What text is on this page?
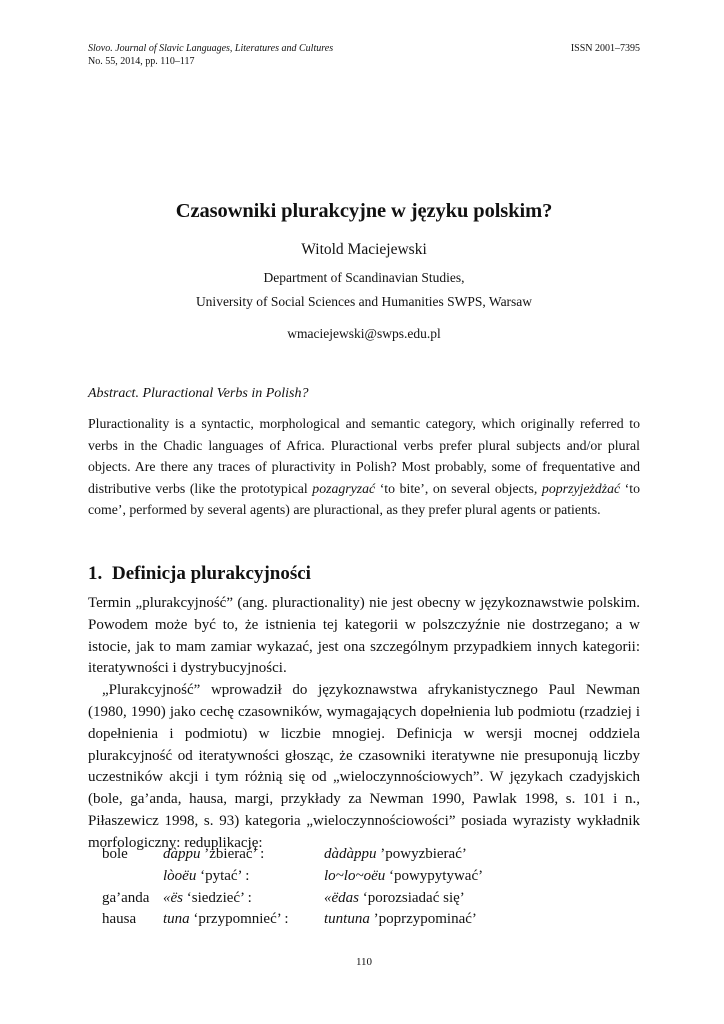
Slovo. Journal of Slavic Languages, Literatures and Cultures
No. 55, 2014, pp. 110–117
ISSN 2001–7395
Czasowniki plurakcyjne w języku polskim?
Witold Maciejewski
Department of Scandinavian Studies,
University of Social Sciences and Humanities SWPS, Warsaw
wmaciejewski@swps.edu.pl
Abstract. Pluractional Verbs in Polish?
Pluractionality is a syntactic, morphological and semantic category, which originally referred to verbs in the Chadic languages of Africa. Pluractional verbs prefer plural subjects and/or plural objects. Are there any traces of pluractivity in Polish? Most probably, some of frequentative and distributive verbs (like the prototypical pozagryzać ‘to bite’, on several objects, poprzyjeżdżać ‘to come’, performed by several agents) are pluractional, as they prefer plural agents or patients.
1. Definicja plurakcyjności

Termin „plurakcyjność” (ang. pluractionality) nie jest obecny w językoznawstwie polskim. Powodem może być to, że istnienia tej kategorii w polszczyźnie nie dostrzegano; a w istocie, jak to mam zamiar wykazać, jest ona szczególnym przypadkiem innych kategorii: iteratywności i dystrybucyjności.

„Plurakcyjność” wprowadził do językoznawstwa afrykanistycznego Paul Newman (1980, 1990) jako cechę czasowników, wymagających dopełnienia lub podmiotu (rzadziej i dopełnienia i podmiotu) w liczbie mnogiej. Definicja w wersji mocnej oddziela plurakcyjność od iteratywności głosząc, że czasowniki iteratywne nie presuponują liczby uczestników akcji i tym różnią się od „wieloczynnościowych”. W językach czadyjskich (bole, ga’anda, hausa, margi, przykłady za Newman 1990, Pawlak 1998, s. 101 i n., Piłaszewicz 1998, s. 93) kategoria „wieloczynnościowości” posiada wyrazisty wykładnik morfologiczny: reduplikację:

bole dàppu ’zbierać’ :	dàdàppu ’powyzbierać’
lòoëu ‘pytać’ :	lo~lo~oëu ‘powypytywać’
ga’anda «ës ‘siedzieć’ :	«ëdas ‘porozsiadać się’
hausa tuna ‘przypomnieć’ : tuntuna ’poprzypominać’
110
